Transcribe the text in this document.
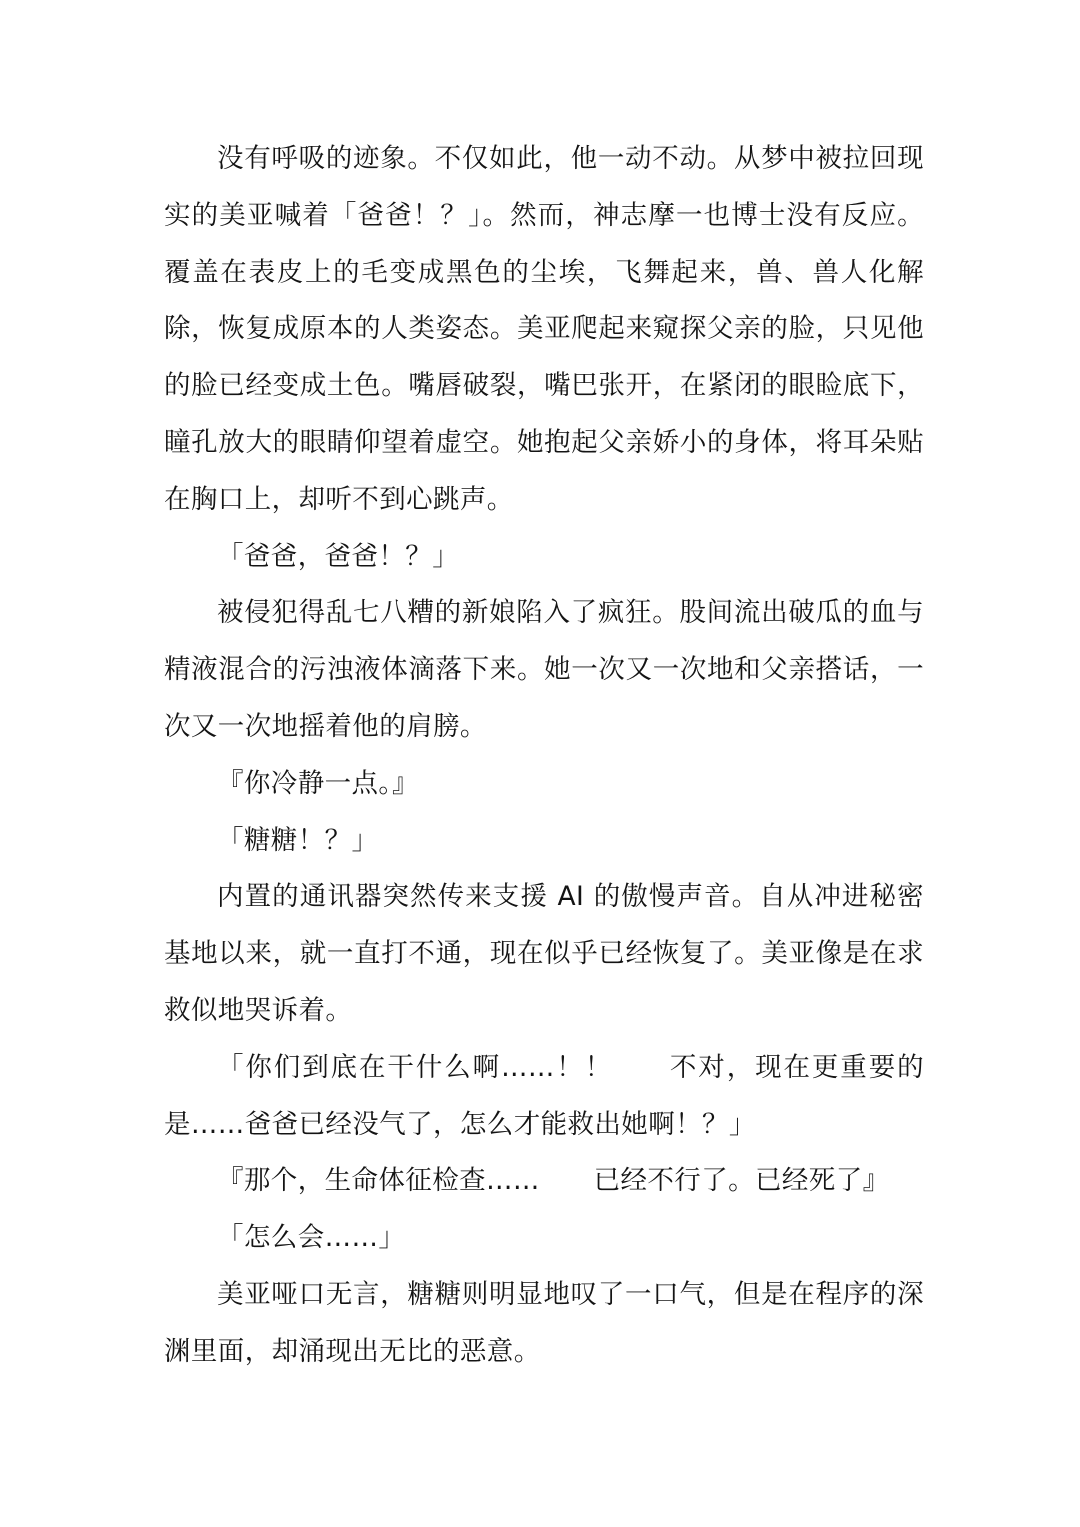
没有呼吸的迹象。不仅如此，他一动不动。从梦中被拉回现实的美亚喊着「爸爸！？」。然而，神志摩一也博士没有反应。覆盖在表皮上的毛变成黑色的尘埃，飞舞起来，兽、兽人化解除，恢复成原本的人类姿态。美亚爬起来窥探父亲的脸，只见他的脸已经变成土色。嘴唇破裂，嘴巴张开，在紧闭的眼睑底下，瞳孔放大的眼睛仰望着虚空。她抱起父亲娇小的身体，将耳朵贴在胸口上，却听不到心跳声。

「爸爸，爸爸！？」

被侵犯得乱七八糟的新娘陷入了疯狂。股间流出破瓜的血与精液混合的污浊液体滴落下来。她一次又一次地和父亲搭话，一次又一次地摇着他的肩膀。

『你冷静一点。』

「糖糖！？」

内置的通讯器突然传来支援 AI 的傲慢声音。自从冲进秘密基地以来，就一直打不通，现在似乎已经恢复了。美亚像是在求救似地哭诉着。

「你们到底在干什么啊……！！　　不对，现在更重要的是……爸爸已经没气了，怎么才能救出她啊！？」

『那个，生命体征检查……　　已经不行了。已经死了』

「怎么会……」

美亚哑口无言，糖糖则明显地叹了一口气，但是在程序的深渊里面，却涌现出无比的恶意。
